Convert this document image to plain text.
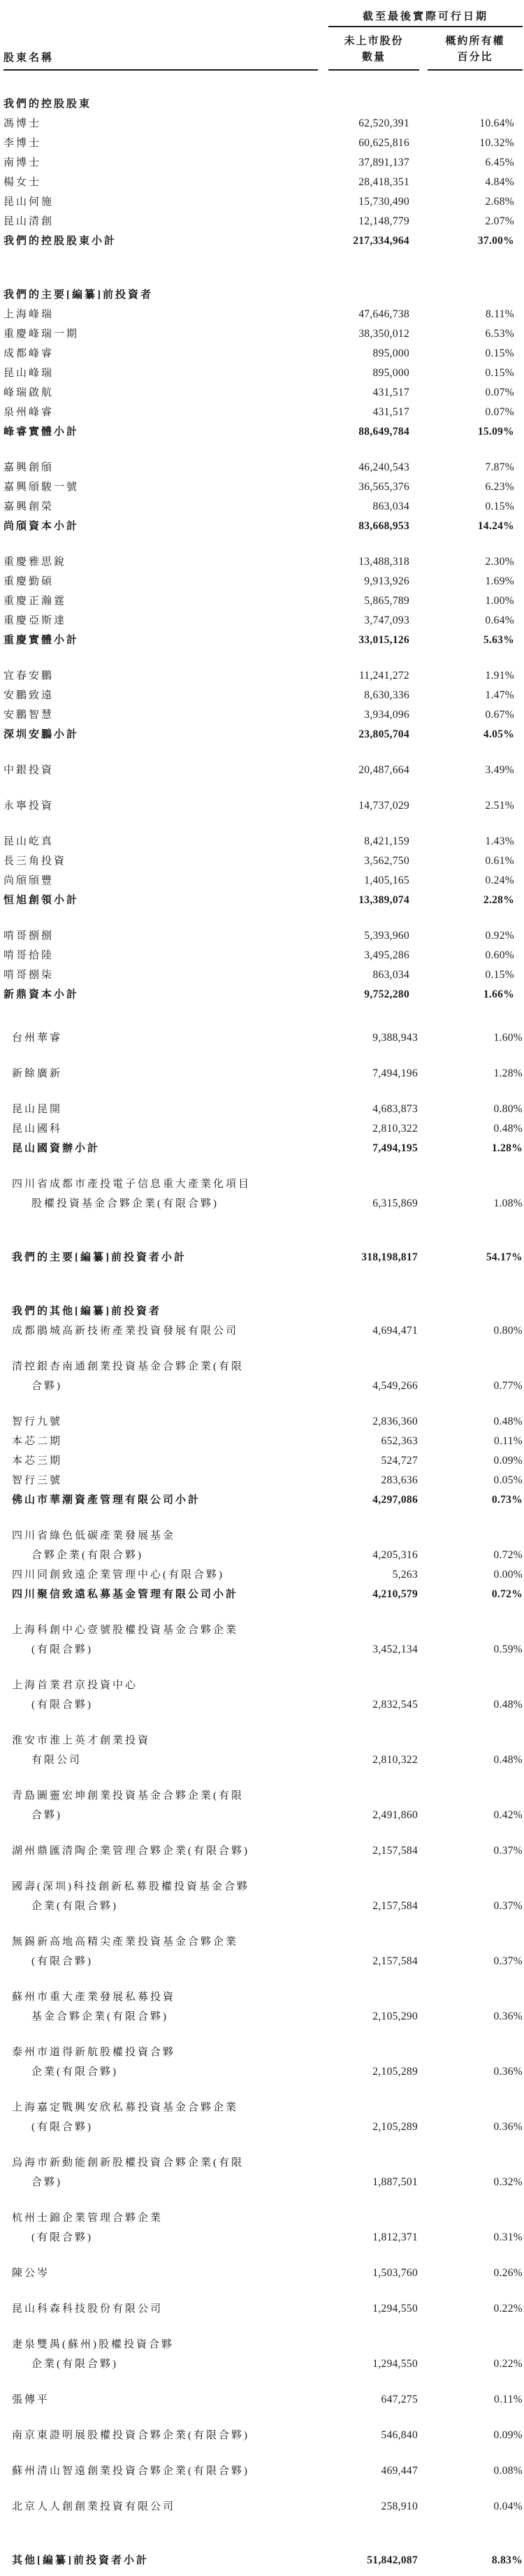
截至最後實際可行日期
股東名稱
未上市股份
數量
概約所有權
百分比
我們的控股股東
馮博士	62,520,391	10.64%
李博士	60,625,816	10.32%
南博士	37,891,137	6.45%
楊女士	28,418,351	4.84%
昆山何施	15,730,490	2.68%
昆山清創	12,148,779	2.07%
我們的控股股東小計	217,334,964	37.00%
我們的主要[編纂]前投資者
上海峰瑞	47,646,738	8.11%
重慶峰瑞一期	38,350,012	6.53%
成都峰睿	895,000	0.15%
昆山峰瑞	895,000	0.15%
峰瑞啟航	431,517	0.07%
泉州峰睿	431,517	0.07%
峰睿實體小計	88,649,784	15.09%
嘉興創頎	46,240,543	7.87%
嘉興頎駿一號	36,565,376	6.23%
嘉興創榮	863,034	0.15%
尚頎資本小計	83,668,953	14.24%
重慶雅思銳	13,488,318	2.30%
重慶勤碩	9,913,926	1.69%
重慶正瀚霆	5,865,789	1.00%
重慶亞斯達	3,747,093	0.64%
重慶實體小計	33,015,126	5.63%
宜春安鵬	11,241,272	1.91%
安鵬致遠	8,630,336	1.47%
安鵬智慧	3,934,096	0.67%
深圳安鵬小計	23,805,704	4.05%
中銀投資	20,487,664	3.49%
永寧投資	14,737,029	2.51%
昆山屹真	8,421,159	1.43%
長三角投資	3,562,750	0.61%
尚頎頎豐	1,405,165	0.24%
恒旭創領小計	13,389,074	2.28%
啃哥捌捌	5,393,960	0.92%
啃哥拾陸	3,495,286	0.60%
啃哥捌柒	863,034	0.15%
新鼎資本小計	9,752,280	1.66%
台州華睿	9,388,943	1.60%
新餘廣新	7,494,196	1.28%
昆山昆開	4,683,873	0.80%
昆山國科	2,810,322	0.48%
昆山國資辦小計	7,494,195	1.28%
四川省成都市產投電子信息重大產業化項目
股權投資基金合夥企業(有限合夥)	6,315,869	1.08%
我們的主要[編纂]前投資者小計	318,198,817	54.17%
我們的其他[編纂]前投資者
成都鵑城高新技術產業投資發展有限公司	4,694,471	0.80%
清控銀杏南通創業投資基金合夥企業(有限
合夥)	4,549,266	0.77%
智行九號	2,836,360	0.48%
本芯二期	652,363	0.11%
本芯三期	524,727	0.09%
智行三號	283,636	0.05%
佛山市華潮資產管理有限公司小計	4,297,086	0.73%
四川省綠色低碳產業發展基金
合夥企業(有限合夥)	4,205,316	0.72%
四川同創致遠企業管理中心(有限合夥)	5,263	0.00%
四川聚信致遠私募基金管理有限公司小計	4,210,579	0.72%
上海科創中心壹號股權投資基金合夥企業
(有限合夥)	3,452,134	0.59%
上海首業君京投資中心
(有限合夥)	2,832,545	0.48%
淮安市淮上英才創業投資
有限公司	2,810,322	0.48%
青島圖靈宏坤創業投資基金合夥企業(有限
合夥)	2,491,860	0.42%
湖州鼎匯清陶企業管理合夥企業(有限合夥)	2,157,584	0.37%
國壽(深圳)科技創新私募股權投資基金合夥
企業(有限合夥)	2,157,584	0.37%
無錫新高地高精尖產業投資基金合夥企業
(有限合夥)	2,157,584	0.37%
蘇州市重大產業發展私募投資
基金合夥企業(有限合夥)	2,105,290	0.36%
泰州市道得新航股權投資合夥
企業(有限合夥)	2,105,289	0.36%
上海嘉定戰興安欣私募投資基金合夥企業
(有限合夥)	2,105,289	0.36%
烏海市新動能創新股權投資合夥企業(有限
合夥)	1,887,501	0.32%
杭州士錦企業管理合夥企業
(有限合夥)	1,812,371	0.31%
陳公岑	1,503,760	0.26%
昆山科森科技股份有限公司	1,294,550	0.22%
疌泉雙禺(蘇州)股權投資合夥
企業(有限合夥)	1,294,550	0.22%
張傳平	647,275	0.11%
南京東證明展股權投資合夥企業(有限合夥)	546,840	0.09%
蘇州清山智遠創業投資合夥企業(有限合夥)	469,447	0.08%
北京人人創創業投資有限公司	258,910	0.04%
其他[編纂]前投資者小計	51,842,087	8.83%
